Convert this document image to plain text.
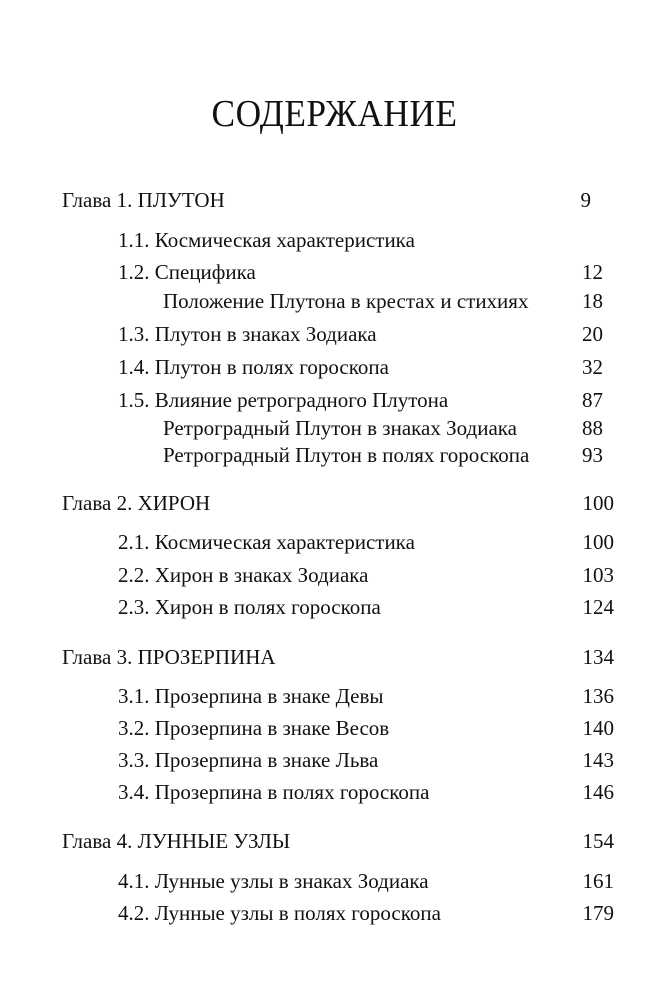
СОДЕРЖАНИЕ
Глава 1. ПЛУТОН	9
1.1. Космическая характеристика
1.2. Специфика	12
Положение Плутона в крестах и стихиях	18
1.3. Плутон в знаках Зодиака	20
1.4. Плутон в полях гороскопа	32
1.5. Влияние ретроградного Плутона	87
Ретроградный Плутон в знаках Зодиака	88
Ретроградный Плутон в полях гороскопа	93
Глава 2. ХИРОН	100
2.1. Космическая характеристика	100
2.2. Хирон в знаках Зодиака	103
2.3. Хирон в полях гороскопа	124
Глава 3. ПРОЗЕРПИНА	134
3.1. Прозерпина в знаке Девы	136
3.2. Прозерпина в знаке Весов	140
3.3. Прозерпина в знаке Льва	143
3.4. Прозерпина в полях гороскопа	146
Глава 4. ЛУННЫЕ УЗЛЫ	154
4.1. Лунные узлы в знаках Зодиака	161
4.2. Лунные узлы в полях гороскопа	179
